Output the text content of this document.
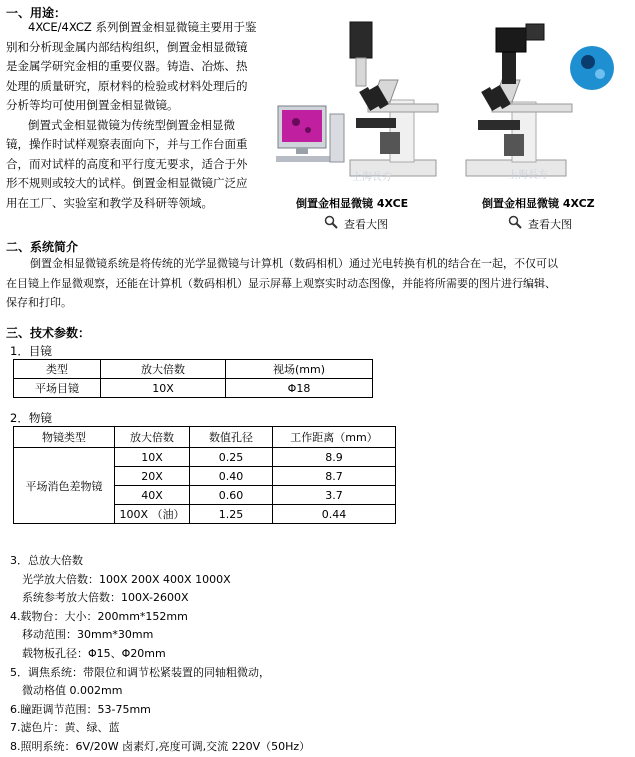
一、用途：
4XCE/4XCZ 系列倒置金相显微镜主要用于鉴
别和分析现金属内部结构组织，倒置金相显微镜
是金属学研究金相的重要仪器。铸造、冶炼、热
处理的质量研究，原材料的检验或材料处理后的
分析等均可使用倒置金相显微镜。
倒置式金相显微镜为传统型倒置金相显微
镜，操作时试样观察表面向下，并与工作台面重
合，而对试样的高度和平行度无要求，适合于外
形不规则或较大的试样。倒置金相显微镜广泛应
用在工厂、实验室和教学及科研等领域。
上海長方
倒置金相显微镜 4XCE
查看大图
上海長方
倒置金相显微镜 4XCZ
查看大图
二、系统简介
倒置金相显微镜系统是将传统的光学显微镜与计算机（数码相机）通过光电转换有机的结合在一起，不仅可以
在目镜上作显微观察，还能在计算机（数码相机）显示屏幕上观察实时动态图像，并能将所需要的图片进行编辑、
保存和打印。
三、技术参数：
1．目镜
类型	放大倍数	视场(mm)
平场目镜	10X	Φ18
2．物镜
物镜类型	放大倍数	数值孔径	工作距离（mm）
平场消色差物镜	10X	0.25	8.9
	20X	0.40	8.7
	40X	0.60	3.7
	100X （油）	1.25	0.44
3．总放大倍数
光学放大倍数：100X 200X 400X 1000X
系统参考放大倍数：100X-2600X
4.载物台：大小：200mm*152mm
移动范围：30mm*30mm
载物板孔径：Φ15、Φ20mm
5．调焦系统：带限位和调节松紧装置的同轴粗微动，
微动格值 0.002mm
6.瞳距调节范围：53-75mm
7.滤色片：黄、绿、蓝
8.照明系统：6V/20W 卤素灯,亮度可调,交流 220V（50Hz）
